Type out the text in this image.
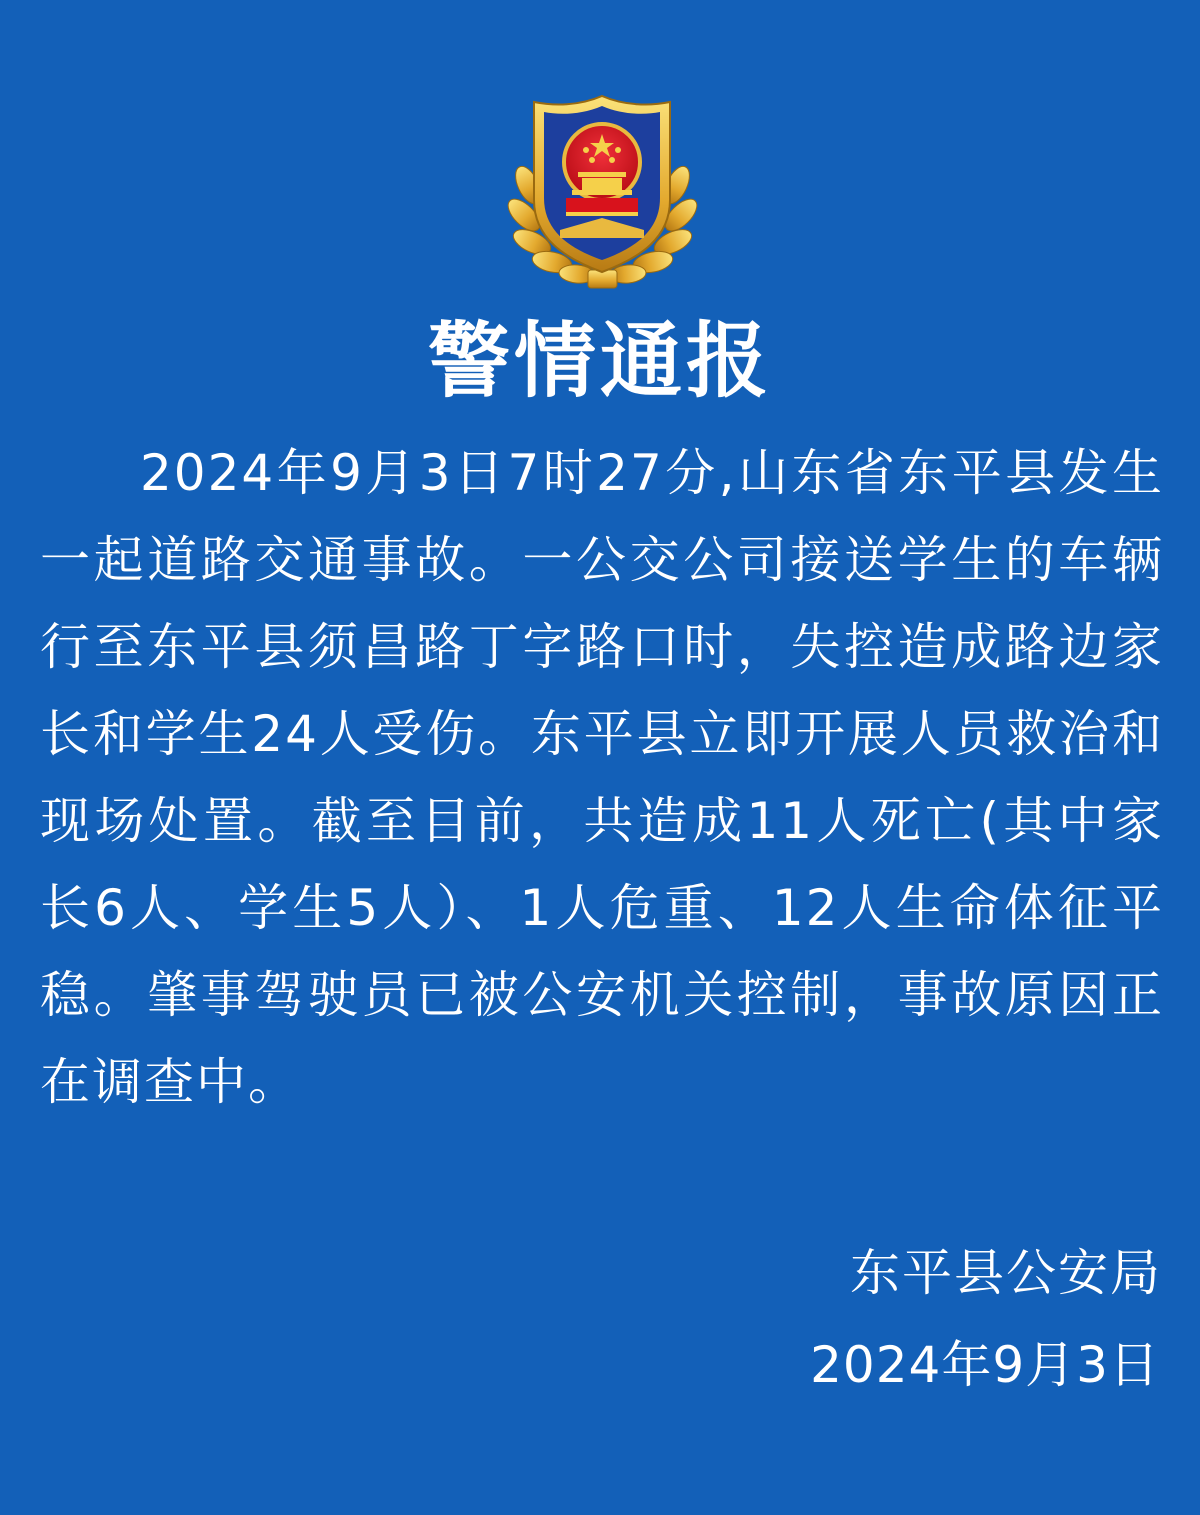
警情通报

2024年9月3日7时27分,山东省东平县发生一起道路交通事故。一公交公司接送学生的车辆行至东平县须昌路丁字路口时，失控造成路边家长和学生24人受伤。东平县立即开展人员救治和现场处置。截至目前，共造成11人死亡(其中家长6人、学生5人）、1人危重、12人生命体征平稳。肇事驾驶员已被公安机关控制，事故原因正在调查中。

东平县公安局
2024年9月3日
